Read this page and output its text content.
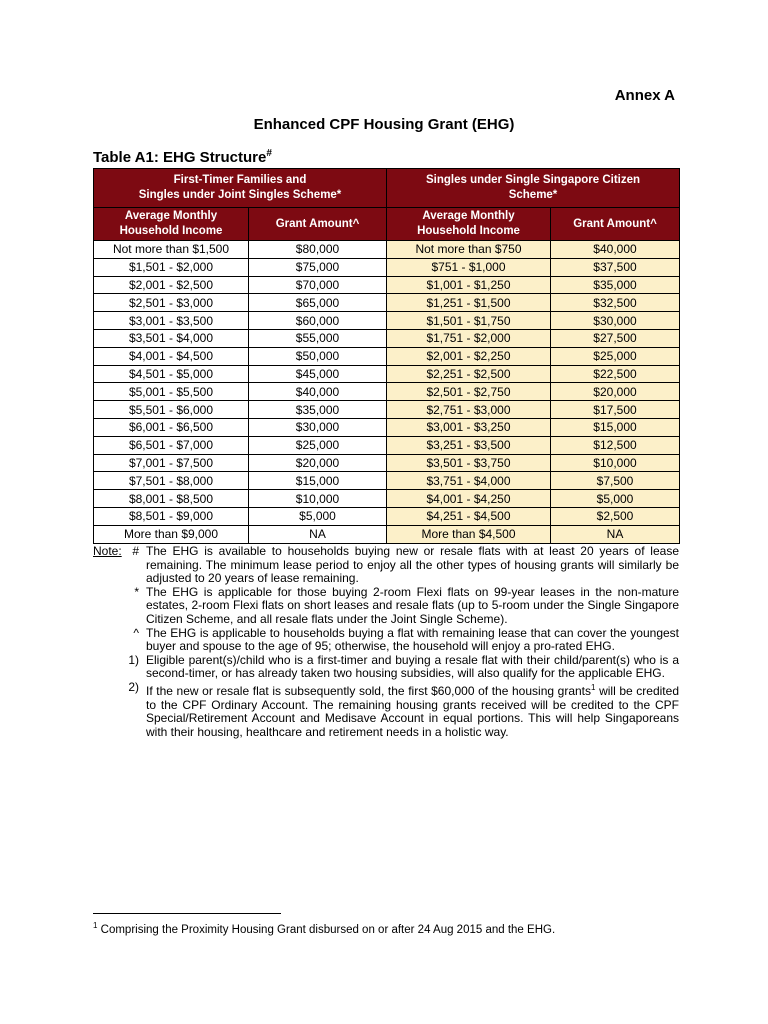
Annex A
Enhanced CPF Housing Grant (EHG)
Table A1: EHG Structure#
First-Timer Families and
Singles under Joint Singles Scheme*		Singles under Single Singapore Citizen
Scheme*	
Average Monthly
Household Income	Grant Amount^	Average Monthly
Household Income	Grant Amount^
Not more than $1,500	$80,000	Not more than $750	$40,000
$1,501 - $2,000	$75,000	$751 - $1,000	$37,500
$2,001 - $2,500	$70,000	$1,001 - $1,250	$35,000
$2,501 - $3,000	$65,000	$1,251 - $1,500	$32,500
$3,001 - $3,500	$60,000	$1,501 - $1,750	$30,000
$3,501 - $4,000	$55,000	$1,751 - $2,000	$27,500
$4,001 - $4,500	$50,000	$2,001 - $2,250	$25,000
$4,501 - $5,000	$45,000	$2,251 - $2,500	$22,500
$5,001 - $5,500	$40,000	$2,501 - $2,750	$20,000
$5,501 - $6,000	$35,000	$2,751 - $3,000	$17,500
$6,001 - $6,500	$30,000	$3,001 - $3,250	$15,000
$6,501 - $7,000	$25,000	$3,251 - $3,500	$12,500
$7,001 - $7,500	$20,000	$3,501 - $3,750	$10,000
$7,501 - $8,000	$15,000	$3,751 - $4,000	$7,500
$8,001 - $8,500	$10,000	$4,001 - $4,250	$5,000
$8,501 - $9,000	$5,000	$4,251 - $4,500	$2,500
More than $9,000	NA	More than $4,500	NA
Note: # The EHG is available to households buying new or resale flats with at least 20 years of lease remaining. The minimum lease period to enjoy all the other types of housing grants will similarly be adjusted to 20 years of lease remaining.
* The EHG is applicable for those buying 2-room Flexi flats on 99-year leases in the non-mature estates, 2-room Flexi flats on short leases and resale flats (up to 5-room under the Single Singapore Citizen Scheme, and all resale flats under the Joint Single Scheme).
^ The EHG is applicable to households buying a flat with remaining lease that can cover the youngest buyer and spouse to the age of 95; otherwise, the household will enjoy a pro-rated EHG.
1) Eligible parent(s)/child who is a first-timer and buying a resale flat with their child/parent(s) who is a second-timer, or has already taken two housing subsidies, will also qualify for the applicable EHG.
2) If the new or resale flat is subsequently sold, the first $60,000 of the housing grants$^1$ will be credited to the CPF Ordinary Account. The remaining housing grants received will be credited to the CPF Special/Retirement Account and Medisave Account in equal portions. This will help Singaporeans with their housing, healthcare and retirement needs in a holistic way.
$^1$ Comprising the Proximity Housing Grant disbursed on or after 24 Aug 2015 and the EHG.
